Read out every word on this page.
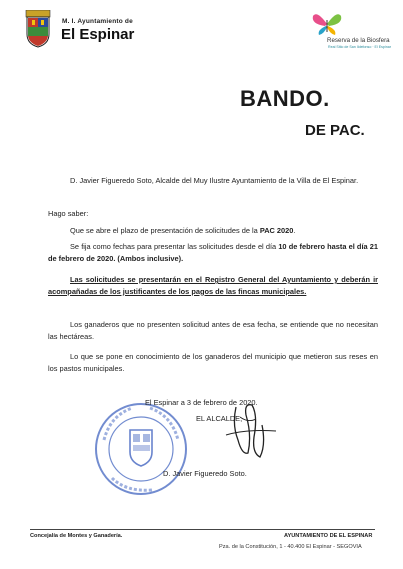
M. I. Ayuntamiento de
El Espinar	Reserva de la Biosfera
Real Sitio de San Ildefonso · El Espinar
BANDO.
DE PAC.
D. Javier Figueredo Soto, Alcalde del Muy Ilustre Ayuntamiento de la Villa de El Espinar.
Hago saber:
Que se abre el plazo de presentación de solicitudes de la PAC 2020.
Se fija como fechas para presentar las solicitudes desde el día 10 de febrero hasta el día 21 de febrero de 2020. (Ambos inclusive).
Las solicitudes se presentarán en el Registro General del Ayuntamiento y deberán ir acompañadas de los justificantes de los pagos de las fincas municipales.
Los ganaderos que no presenten solicitud antes de esa fecha, se entiende que no necesitan las hectáreas.
Lo que se pone en conocimiento de los ganaderos del municipio que metieron sus reses en los pastos municipales.
El Espinar a 3 de febrero de 2020.
EL ALCALDE,
D. Javier Figueredo Soto.
Concejalía de Montes y Ganadería.	AYUNTAMIENTO DE EL ESPINAR
Pza. de la Constitución, 1 - 40.400 El Espinar - SEGOVIA
